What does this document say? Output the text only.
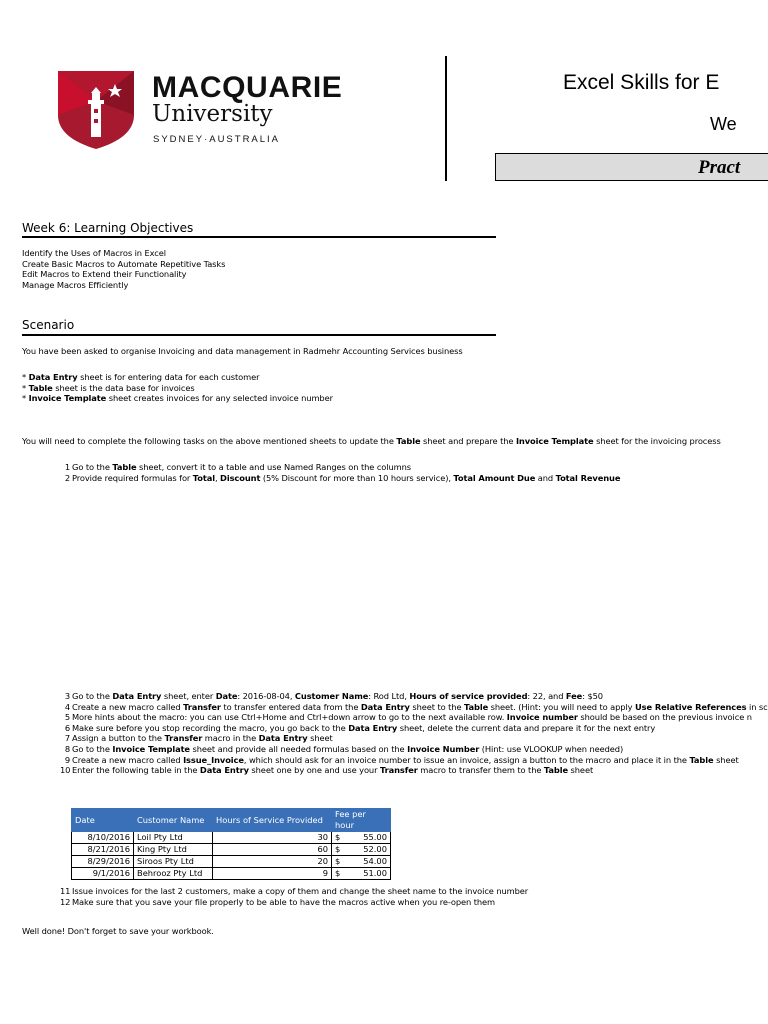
MACQUARIE
University
SYDNEY·AUSTRALIA
Excel Skills for E
We
Pract
Week 6: Learning Objectives
Identify the Uses of Macros in Excel
Create Basic Macros to Automate Repetitive Tasks
Edit Macros to Extend their Functionality
Manage Macros Efficiently
Scenario
You have been asked to organise Invoicing and data management in Radmehr Accounting Services business
* Data Entry sheet is for entering data for each customer
* Table sheet is the data base for invoices
* Invoice Template sheet creates invoices for any selected invoice number
You will need to complete the following tasks on the above mentioned sheets to update the Table sheet and prepare the Invoice Template sheet for the invoicing process
1 Go to the Table sheet, convert it to a table and use Named Ranges on the columns
2 Provide required formulas for Total, Discount (5% Discount for more than 10 hours service), Total Amount Due and Total Revenue
3 Go to the Data Entry sheet, enter Date: 2016-08-04, Customer Name: Rod Ltd, Hours of service provided: 22, and Fee: $50
4 Create a new macro called Transfer to transfer entered data from the Data Entry sheet to the Table sheet. (Hint: you will need to apply Use Relative References in sc
5 More hints about the macro: you can use Ctrl+Home and Ctrl+down arrow to go to the next available row. Invoice number should be based on the previous invoice n
6 Make sure before you stop recording the macro, you go back to the Data Entry sheet, delete the current data and prepare it for the next entry
7 Assign a button to the Transfer macro in the Data Entry sheet
8 Go to the Invoice Template sheet and provide all needed formulas based on the Invoice Number (Hint: use VLOOKUP when needed)
9 Create a new macro called Issue_Invoice, which should ask for an invoice number to issue an invoice, assign a button to the macro and place it in the Table sheet
10 Enter the following table in the Data Entry sheet one by one and use your Transfer macro to transfer them to the Table sheet
Date	Customer Name	Hours of Service Provided	Fee per hour
8/10/2016	Loil Pty Ltd	30	$ 55.00

8/21/2016	King Pty Ltd	60	$ 52.00

8/29/2016	Siroos Pty Ltd	20	$ 54.00

9/1/2016	Behrooz Pty Ltd	9	$ 51.00
11 Issue invoices for the last 2 customers, make a copy of them and change the sheet name to the invoice number
12 Make sure that you save your file properly to be able to have the macros active when you re-open them
Well done! Don't forget to save your workbook.
